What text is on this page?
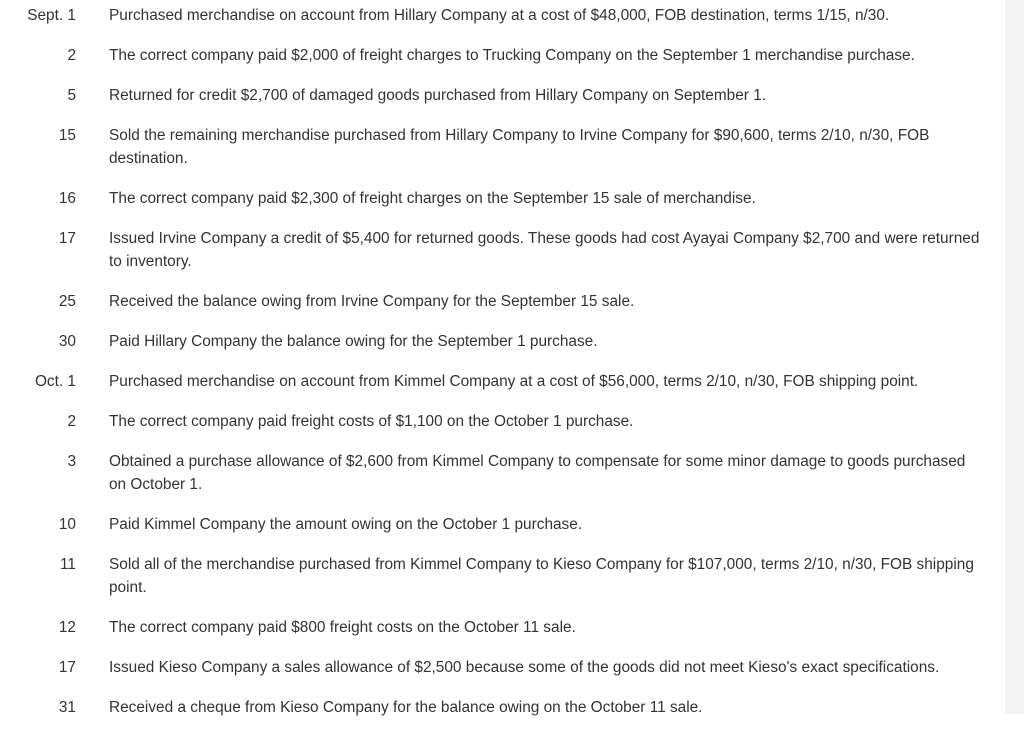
Sept. 1	Purchased merchandise on account from Hillary Company at a cost of $48,000, FOB destination, terms 1/15, n/30.
2	The correct company paid $2,000 of freight charges to Trucking Company on the September 1 merchandise purchase.
5	Returned for credit $2,700 of damaged goods purchased from Hillary Company on September 1.
15	Sold the remaining merchandise purchased from Hillary Company to Irvine Company for $90,600, terms 2/10, n/30, FOB destination.
16	The correct company paid $2,300 of freight charges on the September 15 sale of merchandise.
17	Issued Irvine Company a credit of $5,400 for returned goods. These goods had cost Ayayai Company $2,700 and were returned to inventory.
25	Received the balance owing from Irvine Company for the September 15 sale.
30	Paid Hillary Company the balance owing for the September 1 purchase.
Oct. 1	Purchased merchandise on account from Kimmel Company at a cost of $56,000, terms 2/10, n/30, FOB shipping point.
2	The correct company paid freight costs of $1,100 on the October 1 purchase.
3	Obtained a purchase allowance of $2,600 from Kimmel Company to compensate for some minor damage to goods purchased on October 1.
10	Paid Kimmel Company the amount owing on the October 1 purchase.
11	Sold all of the merchandise purchased from Kimmel Company to Kieso Company for $107,000, terms 2/10, n/30, FOB shipping point.
12	The correct company paid $800 freight costs on the October 11 sale.
17	Issued Kieso Company a sales allowance of $2,500 because some of the goods did not meet Kieso's exact specifications.
31	Received a cheque from Kieso Company for the balance owing on the October 11 sale.
